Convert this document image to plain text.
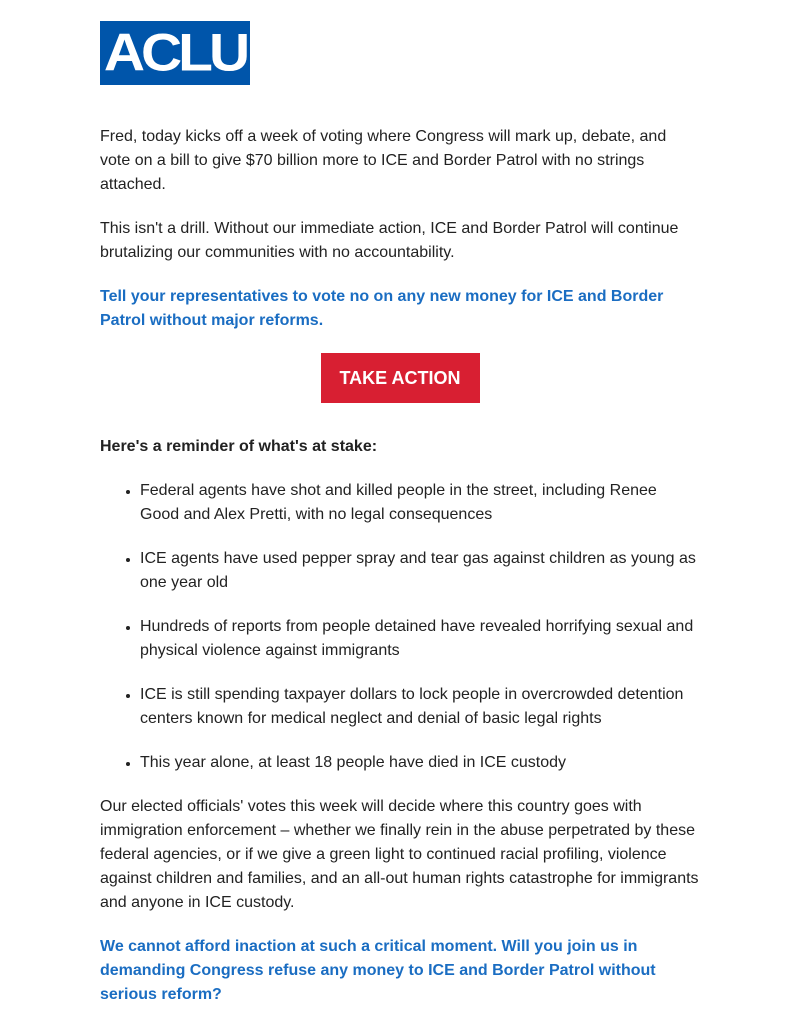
ACLU

Fred, today kicks off a week of voting where Congress will mark up, debate, and vote on a bill to give $70 billion more to ICE and Border Patrol with no strings attached.

This isn't a drill. Without our immediate action, ICE and Border Patrol will continue brutalizing our communities with no accountability.

Tell your representatives to vote no on any new money for ICE and Border Patrol without major reforms.

TAKE ACTION

Here's a reminder of what's at stake:

• Federal agents have shot and killed people in the street, including Renee Good and Alex Pretti, with no legal consequences
• ICE agents have used pepper spray and tear gas against children as young as one year old
• Hundreds of reports from people detained have revealed horrifying sexual and physical violence against immigrants
• ICE is still spending taxpayer dollars to lock people in overcrowded detention centers known for medical neglect and denial of basic legal rights
• This year alone, at least 18 people have died in ICE custody

Our elected officials' votes this week will decide where this country goes with immigration enforcement – whether we finally rein in the abuse perpetrated by these federal agencies, or if we give a green light to continued racial profiling, violence against children and families, and an all-out human rights catastrophe for immigrants and anyone in ICE custody.

We cannot afford inaction at such a critical moment. Will you join us in demanding Congress refuse any money to ICE and Border Patrol without serious reform?
